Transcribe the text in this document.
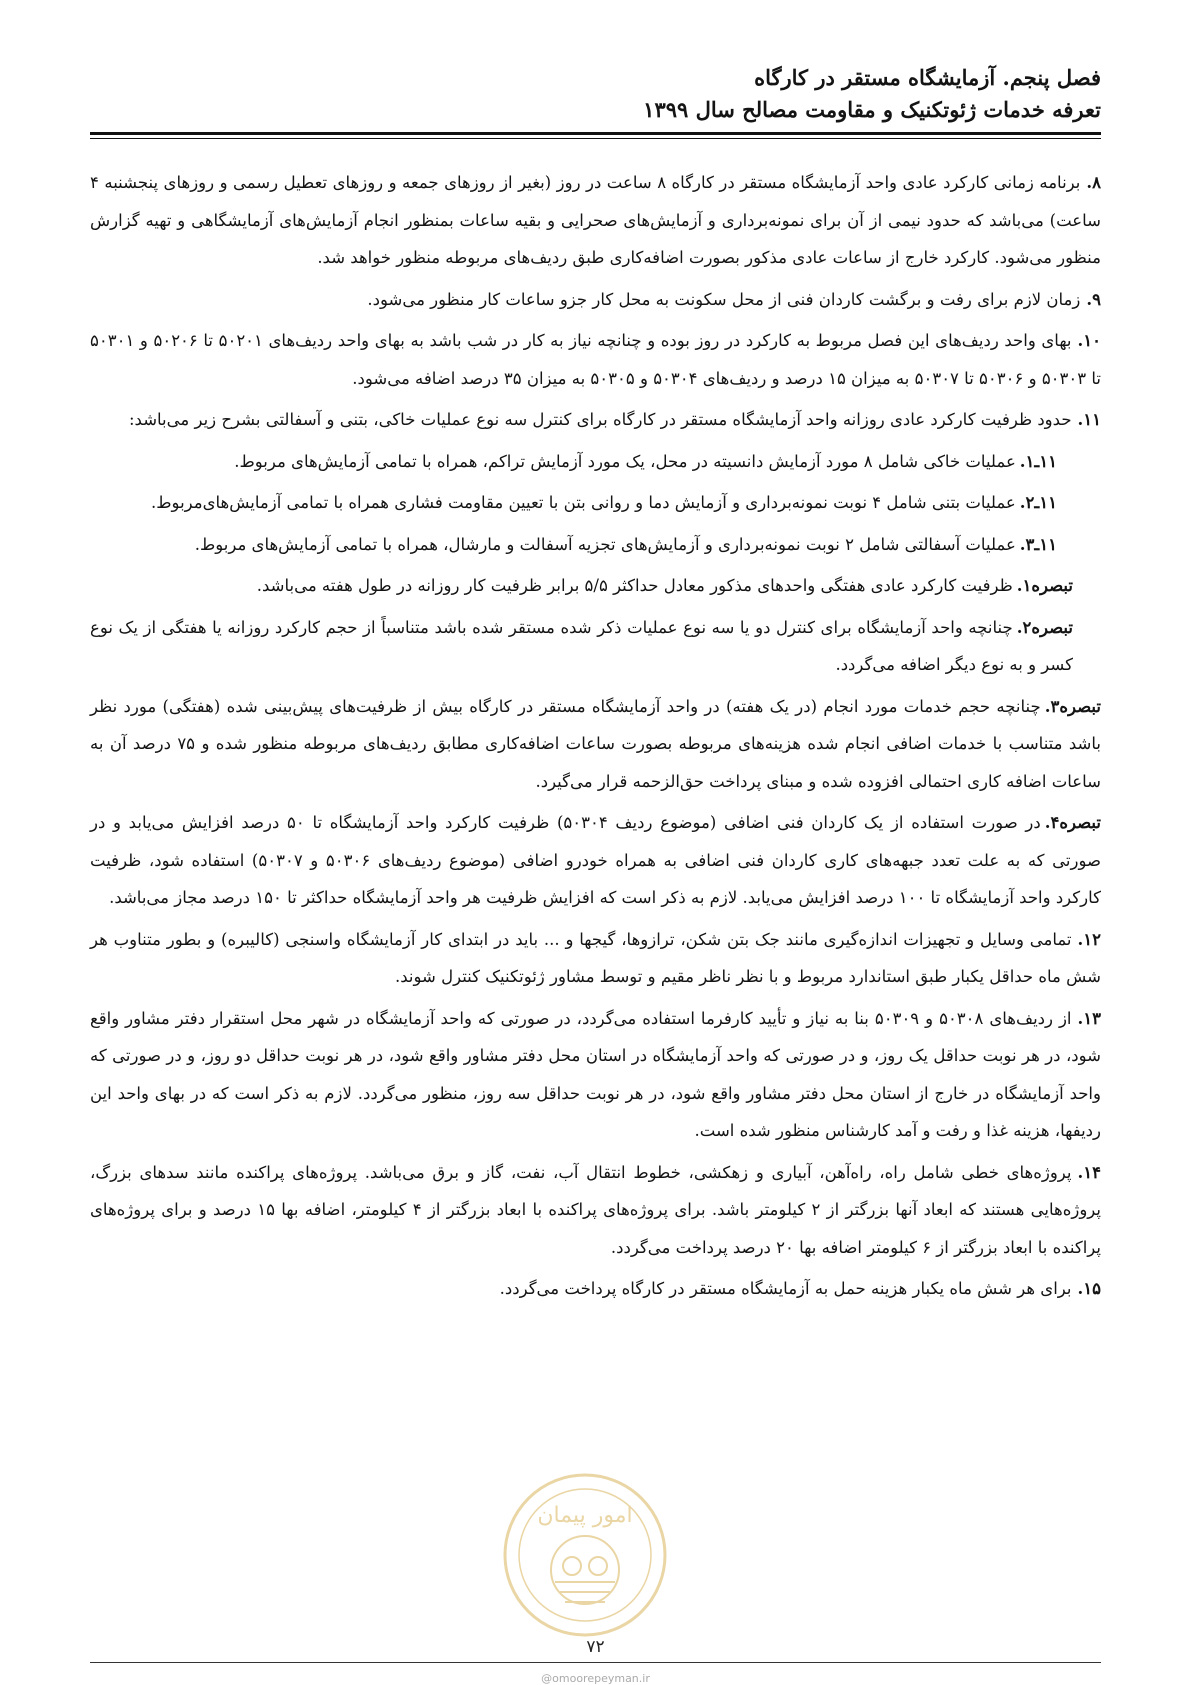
فصل پنجم. آزمایشگاه مستقر در کارگاه
تعرفه خدمات ژئوتکنیک و مقاومت مصالح سال ۱۳۹۹

۸.برنامه زمانی کارکرد عادی واحد آزمایشگاه مستقر در کارگاه ۸ ساعت در روز (بغیر از روزهای جمعه و روزهای تعطیل رسمی و روزهای پنجشنبه ۴ ساعت) می‌باشد که حدود نیمی از آن برای نمونه‌برداری و آزمایش‌های صحرایی و بقیه ساعات بمنظور انجام آزمایش‌های آزمایشگاهی و تهیه گزارش منظور می‌شود. کارکرد خارج از ساعات عادی مذکور بصورت اضافه‌کاری طبق ردیف‌های مربوطه منظور خواهد شد.

۹.زمان لازم برای رفت و برگشت کاردان فنی از محل سکونت به محل کار جزو ساعات کار منظور می‌شود.

۱۰.بهای واحد ردیف‌های این فصل مربوط به کارکرد در روز بوده و چنانچه نیاز به کار در شب باشد به بهای واحد ردیف‌های ۵۰۲۰۱ تا ۵۰۲۰۶ و ۵۰۳۰۱ تا ۵۰۳۰۳ و ۵۰۳۰۶ تا ۵۰۳۰۷ به میزان ۱۵ درصد و ردیف‌های ۵۰۳۰۴ و ۵۰۳۰۵ به میزان ۳۵ درصد اضافه می‌شود.

۱۱.حدود ظرفیت کارکرد عادی روزانه واحد آزمایشگاه مستقر در کارگاه برای کنترل سه نوع عملیات خاکی، بتنی و آسفالتی بشرح زیر می‌باشد:

۱۱ـ۱.عملیات خاکی شامل ۸ مورد آزمایش دانسیته در محل، یک مورد آزمایش تراکم، همراه با تمامی آزمایش‌های مربوط.

۱۱ـ۲.عملیات بتنی شامل ۴ نوبت نمونه‌برداری و آزمایش دما و روانی بتن با تعیین مقاومت فشاری همراه با تمامی آزمایش‌های‌مربوط.

۱۱ـ۳.عملیات آسفالتی شامل ۲ نوبت نمونه‌برداری و آزمایش‌های تجزیه آسفالت و مارشال، همراه با تمامی آزمایش‌های مربوط.

تبصره۱.ظرفیت کارکرد عادی هفتگی واحدهای مذکور معادل حداکثر ۵/۵ برابر ظرفیت کار روزانه در طول هفته می‌باشد.

تبصره۲.چنانچه واحد آزمایشگاه برای کنترل دو یا سه نوع عملیات ذکر شده مستقر شده باشد متناسباً از حجم کارکرد روزانه یا هفتگی از یک نوع کسر و به نوع دیگر اضافه می‌گردد.

تبصره۳.چنانچه حجم خدمات مورد انجام (در یک هفته) در واحد آزمایشگاه مستقر در کارگاه بیش از ظرفیت‌های پیش‌بینی شده (هفتگی) مورد نظر باشد متناسب با خدمات اضافی انجام شده هزینه‌های مربوطه بصورت ساعات اضافه‌کاری مطابق ردیف‌های مربوطه منظور شده و ۷۵ درصد آن به ساعات اضافه کاری احتمالی افزوده شده و مبنای پرداخت حق‌الزحمه قرار می‌گیرد.

تبصره۴.در صورت استفاده از یک کاردان فنی اضافی (موضوع ردیف ۵۰۳۰۴) ظرفیت کارکرد واحد آزمایشگاه تا ۵۰ درصد افزایش می‌یابد و در صورتی که به علت تعدد جبهه‌های کاری کاردان فنی اضافی به همراه خودرو اضافی (موضوع ردیف‌های ۵۰۳۰۶ و ۵۰۳۰۷) استفاده شود، ظرفیت کارکرد واحد آزمایشگاه تا ۱۰۰ درصد افزایش می‌یابد. لازم به ذکر است که افزایش ظرفیت هر واحد آزمایشگاه حداکثر تا ۱۵۰ درصد مجاز می‌باشد.

۱۲.تمامی وسایل و تجهیزات اندازه‌گیری مانند جک بتن شکن، ترازوها، گیجها و ... باید در ابتدای کار آزمایشگاه واسنجی (کالیبره) و بطور متناوب هر شش ماه حداقل یکبار طبق استاندارد مربوط و با نظر ناظر مقیم و توسط مشاور ژئوتکنیک کنترل شوند.

۱۳.از ردیف‌های ۵۰۳۰۸ و ۵۰۳۰۹ بنا به نیاز و تأیید کارفرما استفاده می‌گردد، در صورتی که واحد آزمایشگاه در شهر محل استقرار دفتر مشاور واقع شود، در هر نوبت حداقل یک روز، و در صورتی که واحد آزمایشگاه در استان محل دفتر مشاور واقع شود، در هر نوبت حداقل دو روز، و در صورتی که واحد آزمایشگاه در خارج از استان محل دفتر مشاور واقع شود، در هر نوبت حداقل سه روز، منظور می‌گردد. لازم به ذکر است که در بهای واحد این ردیفها، هزینه غذا و رفت و آمد کارشناس منظور شده است.

۱۴.پروژه‌های خطی شامل راه، راه‌آهن، آبیاری و زهکشی، خطوط انتقال آب، نفت، گاز و برق می‌باشد. پروژه‌های پراکنده مانند سدهای بزرگ، پروژه‌هایی هستند که ابعاد آنها بزرگتر از ۲ کیلومتر باشد. برای پروژه‌های پراکنده با ابعاد بزرگتر از ۴ کیلومتر، اضافه بها ۱۵ درصد و برای پروژه‌های پراکنده با ابعاد بزرگتر از ۶ کیلومتر اضافه بها ۲۰ درصد پرداخت می‌گردد.

۱۵.برای هر شش ماه یکبار هزینه حمل به آزمایشگاه مستقر در کارگاه پرداخت می‌گردد.

امور پیمان
۷۲
@omoorepeyman.ir
